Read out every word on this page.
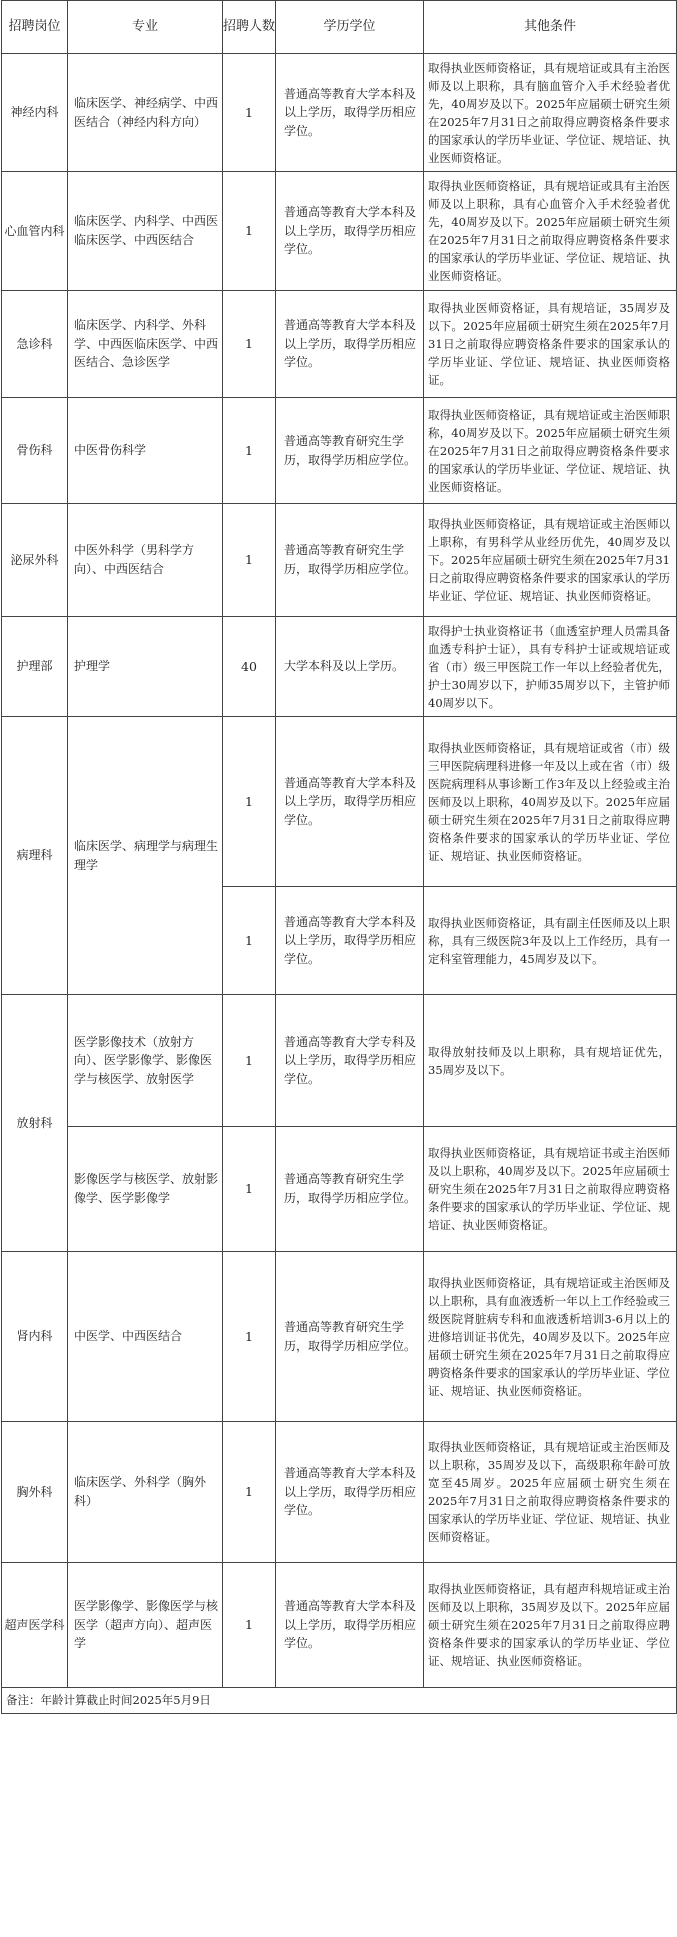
招聘岗位	专业	招聘人数	学历学位	其他条件
神经内科	临床医学、神经病学、中西医结合（神经内科方向）	1	普通高等教育大学本科及以上学历，取得学历相应学位。	取得执业医师资格证，具有规培证或具有主治医师及以上职称，具有脑血管介入手术经验者优先，40周岁及以下。2025年应届硕士研究生须在2025年7月31日之前取得应聘资格条件要求的国家承认的学历毕业证、学位证、规培证、执业医师资格证。
心血管内科	临床医学、内科学、中西医临床医学、中西医结合	1	普通高等教育大学本科及以上学历，取得学历相应学位。	取得执业医师资格证，具有规培证或具有主治医师及以上职称，具有心血管介入手术经验者优先，40周岁及以下。2025年应届硕士研究生须在2025年7月31日之前取得应聘资格条件要求的国家承认的学历毕业证、学位证、规培证、执业医师资格证。
急诊科	临床医学、内科学、外科学、中西医临床医学、中西医结合、急诊医学	1	普通高等教育大学本科及以上学历，取得学历相应学位。	取得执业医师资格证，具有规培证，35周岁及以下。2025年应届硕士研究生须在2025年7月31日之前取得应聘资格条件要求的国家承认的学历毕业证、学位证、规培证、执业医师资格证。
骨伤科	中医骨伤科学	1	普通高等教育研究生学历，取得学历相应学位。	取得执业医师资格证，具有规培证或主治医师职称，40周岁及以下。2025年应届硕士研究生须在2025年7月31日之前取得应聘资格条件要求的国家承认的学历毕业证、学位证、规培证、执业医师资格证。
泌尿外科	中医外科学（男科学方向）、中西医结合	1	普通高等教育研究生学历，取得学历相应学位。	取得执业医师资格证，具有规培证或主治医师以上职称，有男科学从业经历优先，40周岁及以下。2025年应届硕士研究生须在2025年7月31日之前取得应聘资格条件要求的国家承认的学历毕业证、学位证、规培证、执业医师资格证。
护理部	护理学	40	大学本科及以上学历。	取得护士执业资格证书（血透室护理人员需具备血透专科护士证），具有专科护士证或规培证或省（市）级三甲医院工作一年以上经验者优先，护士30周岁以下，护师35周岁以下，主管护师40周岁以下。
病理科	临床医学、病理学与病理生理学	1	普通高等教育大学本科及以上学历，取得学历相应学位。	取得执业医师资格证，具有规培证或省（市）级三甲医院病理科进修一年及以上或在省（市）级医院病理科从事诊断工作3年及以上经验或主治医师及以上职称，40周岁及以下。2025年应届硕士研究生须在2025年7月31日之前取得应聘资格条件要求的国家承认的学历毕业证、学位证、规培证、执业医师资格证。
		1	普通高等教育大学本科及以上学历，取得学历相应学位。	取得执业医师资格证，具有副主任医师及以上职称，具有三级医院3年及以上工作经历，具有一定科室管理能力，45周岁及以下。
放射科	医学影像技术（放射方向）、医学影像学、影像医学与核医学、放射医学	1	普通高等教育大学专科及以上学历，取得学历相应学位。	取得放射技师及以上职称，具有规培证优先，35周岁及以下。
	影像医学与核医学、放射影像学、医学影像学	1	普通高等教育研究生学历，取得学历相应学位。	取得执业医师资格证，具有规培证书或主治医师及以上职称，40周岁及以下。2025年应届硕士研究生须在2025年7月31日之前取得应聘资格条件要求的国家承认的学历毕业证、学位证、规培证、执业医师资格证。
肾内科	中医学、中西医结合	1	普通高等教育研究生学历，取得学历相应学位。	取得执业医师资格证，具有规培证或主治医师及以上职称，具有血液透析一年以上工作经验或三级医院肾脏病专科和血液透析培训3-6月以上的进修培训证书优先，40周岁及以下。2025年应届硕士研究生须在2025年7月31日之前取得应聘资格条件要求的国家承认的学历毕业证、学位证、规培证、执业医师资格证。
胸外科	临床医学、外科学（胸外科）	1	普通高等教育大学本科及以上学历，取得学历相应学位。	取得执业医师资格证，具有规培证或主治医师及以上职称，35周岁及以下，高级职称年龄可放宽至45周岁。2025年应届硕士研究生须在2025年7月31日之前取得应聘资格条件要求的国家承认的学历毕业证、学位证、规培证、执业医师资格证。
超声医学科	医学影像学、影像医学与核医学（超声方向）、超声医学	1	普通高等教育大学本科及以上学历，取得学历相应学位。	取得执业医师资格证，具有超声科规培证或主治医师及以上职称，35周岁及以下。2025年应届硕士研究生须在2025年7月31日之前取得应聘资格条件要求的国家承认的学历毕业证、学位证、规培证、执业医师资格证。
备注：年龄计算截止时间2025年5月9日				
